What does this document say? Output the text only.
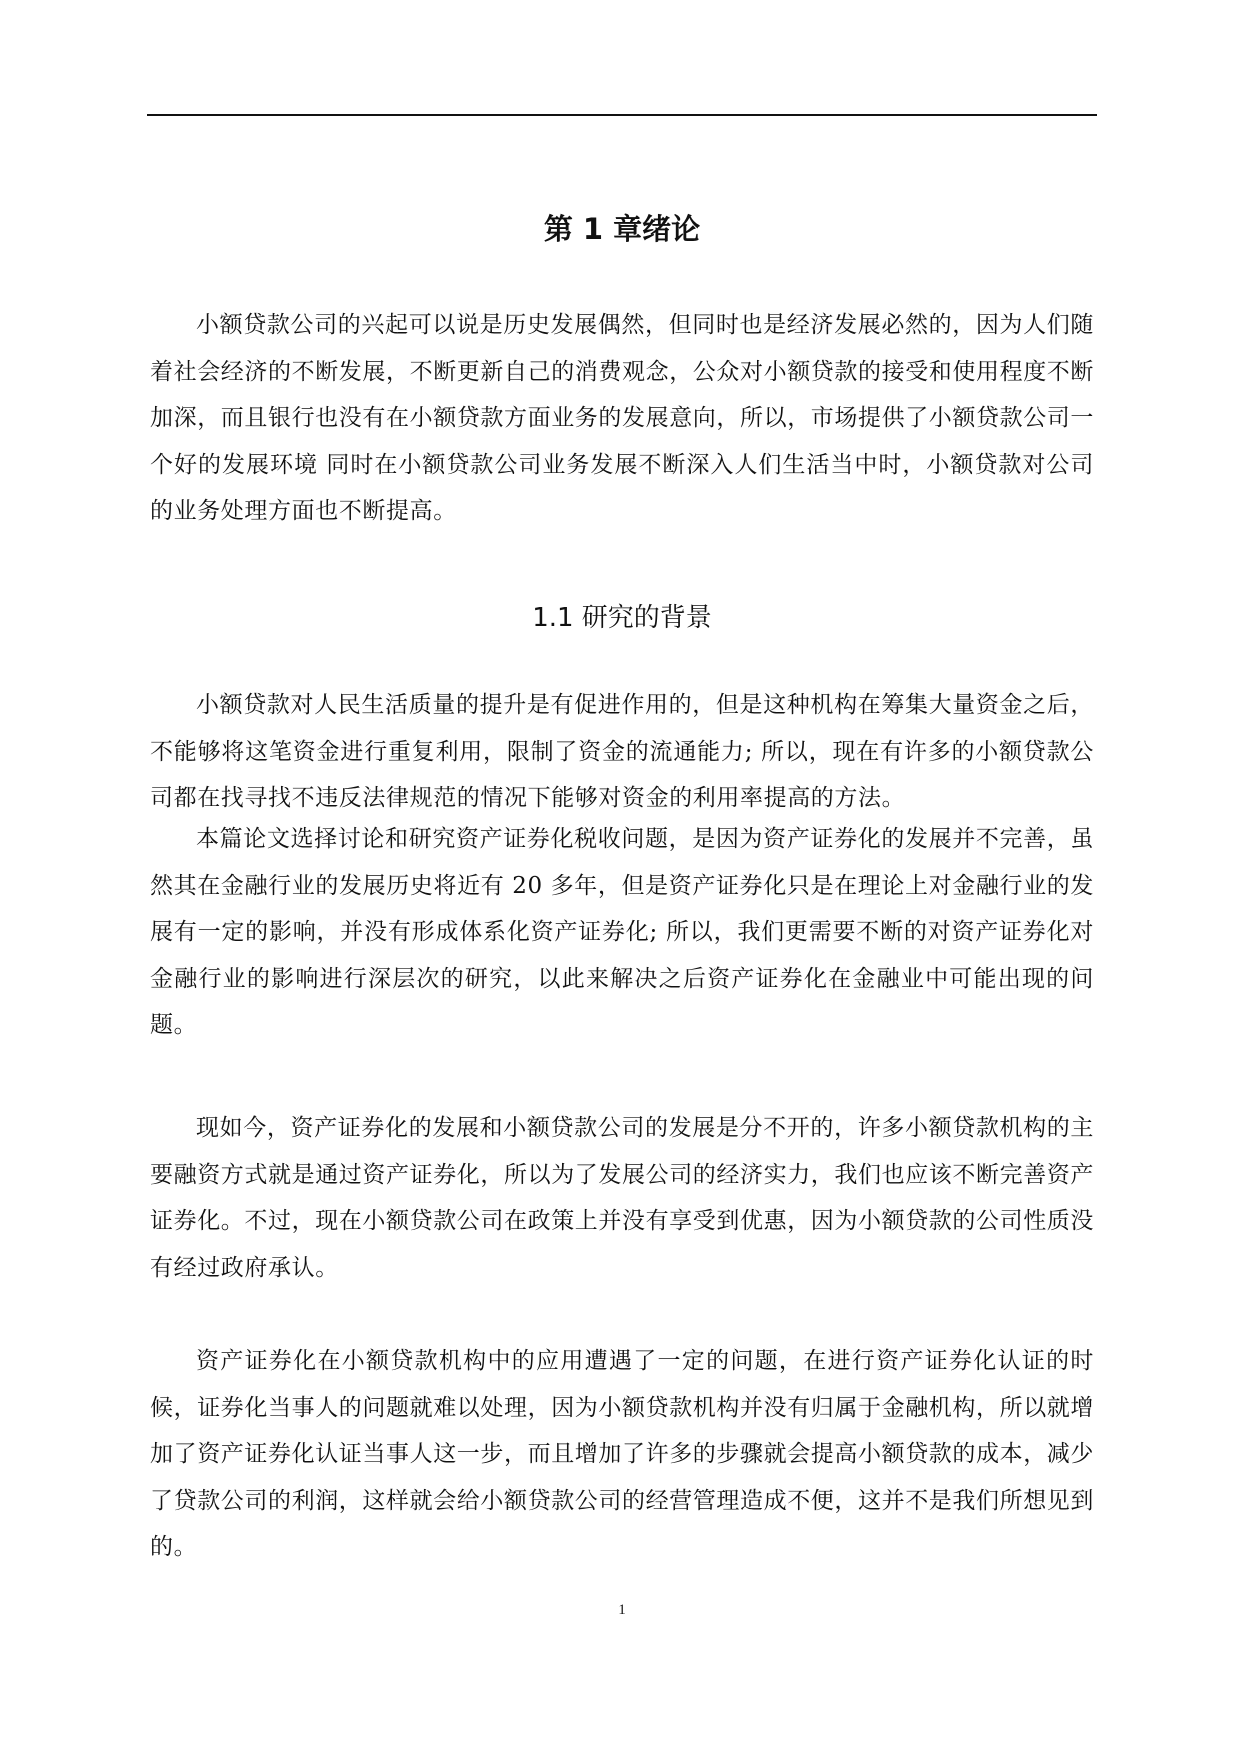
第 1 章绪论

小额贷款公司的兴起可以说是历史发展偶然，但同时也是经济发展必然的，因为人们随着社会经济的不断发展，不断更新自己的消费观念，公众对小额贷款的接受和使用程度不断加深，而且银行也没有在小额贷款方面业务的发展意向，所以，市场提供了小额贷款公司一个好的发展环境 同时在小额贷款公司业务发展不断深入人们生活当中时，小额贷款对公司的业务处理方面也不断提高。

1.1 研究的背景

小额贷款对人民生活质量的提升是有促进作用的，但是这种机构在筹集大量资金之后，不能够将这笔资金进行重复利用，限制了资金的流通能力; 所以，现在有许多的小额贷款公司都在找寻找不违反法律规范的情况下能够对资金的利用率提高的方法。

本篇论文选择讨论和研究资产证券化税收问题，是因为资产证券化的发展并不完善，虽然其在金融行业的发展历史将近有 20 多年，但是资产证券化只是在理论上对金融行业的发展有一定的影响，并没有形成体系化资产证券化; 所以，我们更需要不断的对资产证券化对金融行业的影响进行深层次的研究，以此来解决之后资产证券化在金融业中可能出现的问题。

现如今，资产证券化的发展和小额贷款公司的发展是分不开的，许多小额贷款机构的主要融资方式就是通过资产证券化，所以为了发展公司的经济实力，我们也应该不断完善资产证券化。不过，现在小额贷款公司在政策上并没有享受到优惠，因为小额贷款的公司性质没有经过政府承认。

资产证券化在小额贷款机构中的应用遭遇了一定的问题，在进行资产证券化认证的时候，证券化当事人的问题就难以处理，因为小额贷款机构并没有归属于金融机构，所以就增加了资产证券化认证当事人这一步，而且增加了许多的步骤就会提高小额贷款的成本，减少了贷款公司的利润，这样就会给小额贷款公司的经营管理造成不便，这并不是我们所想见到的。

1
